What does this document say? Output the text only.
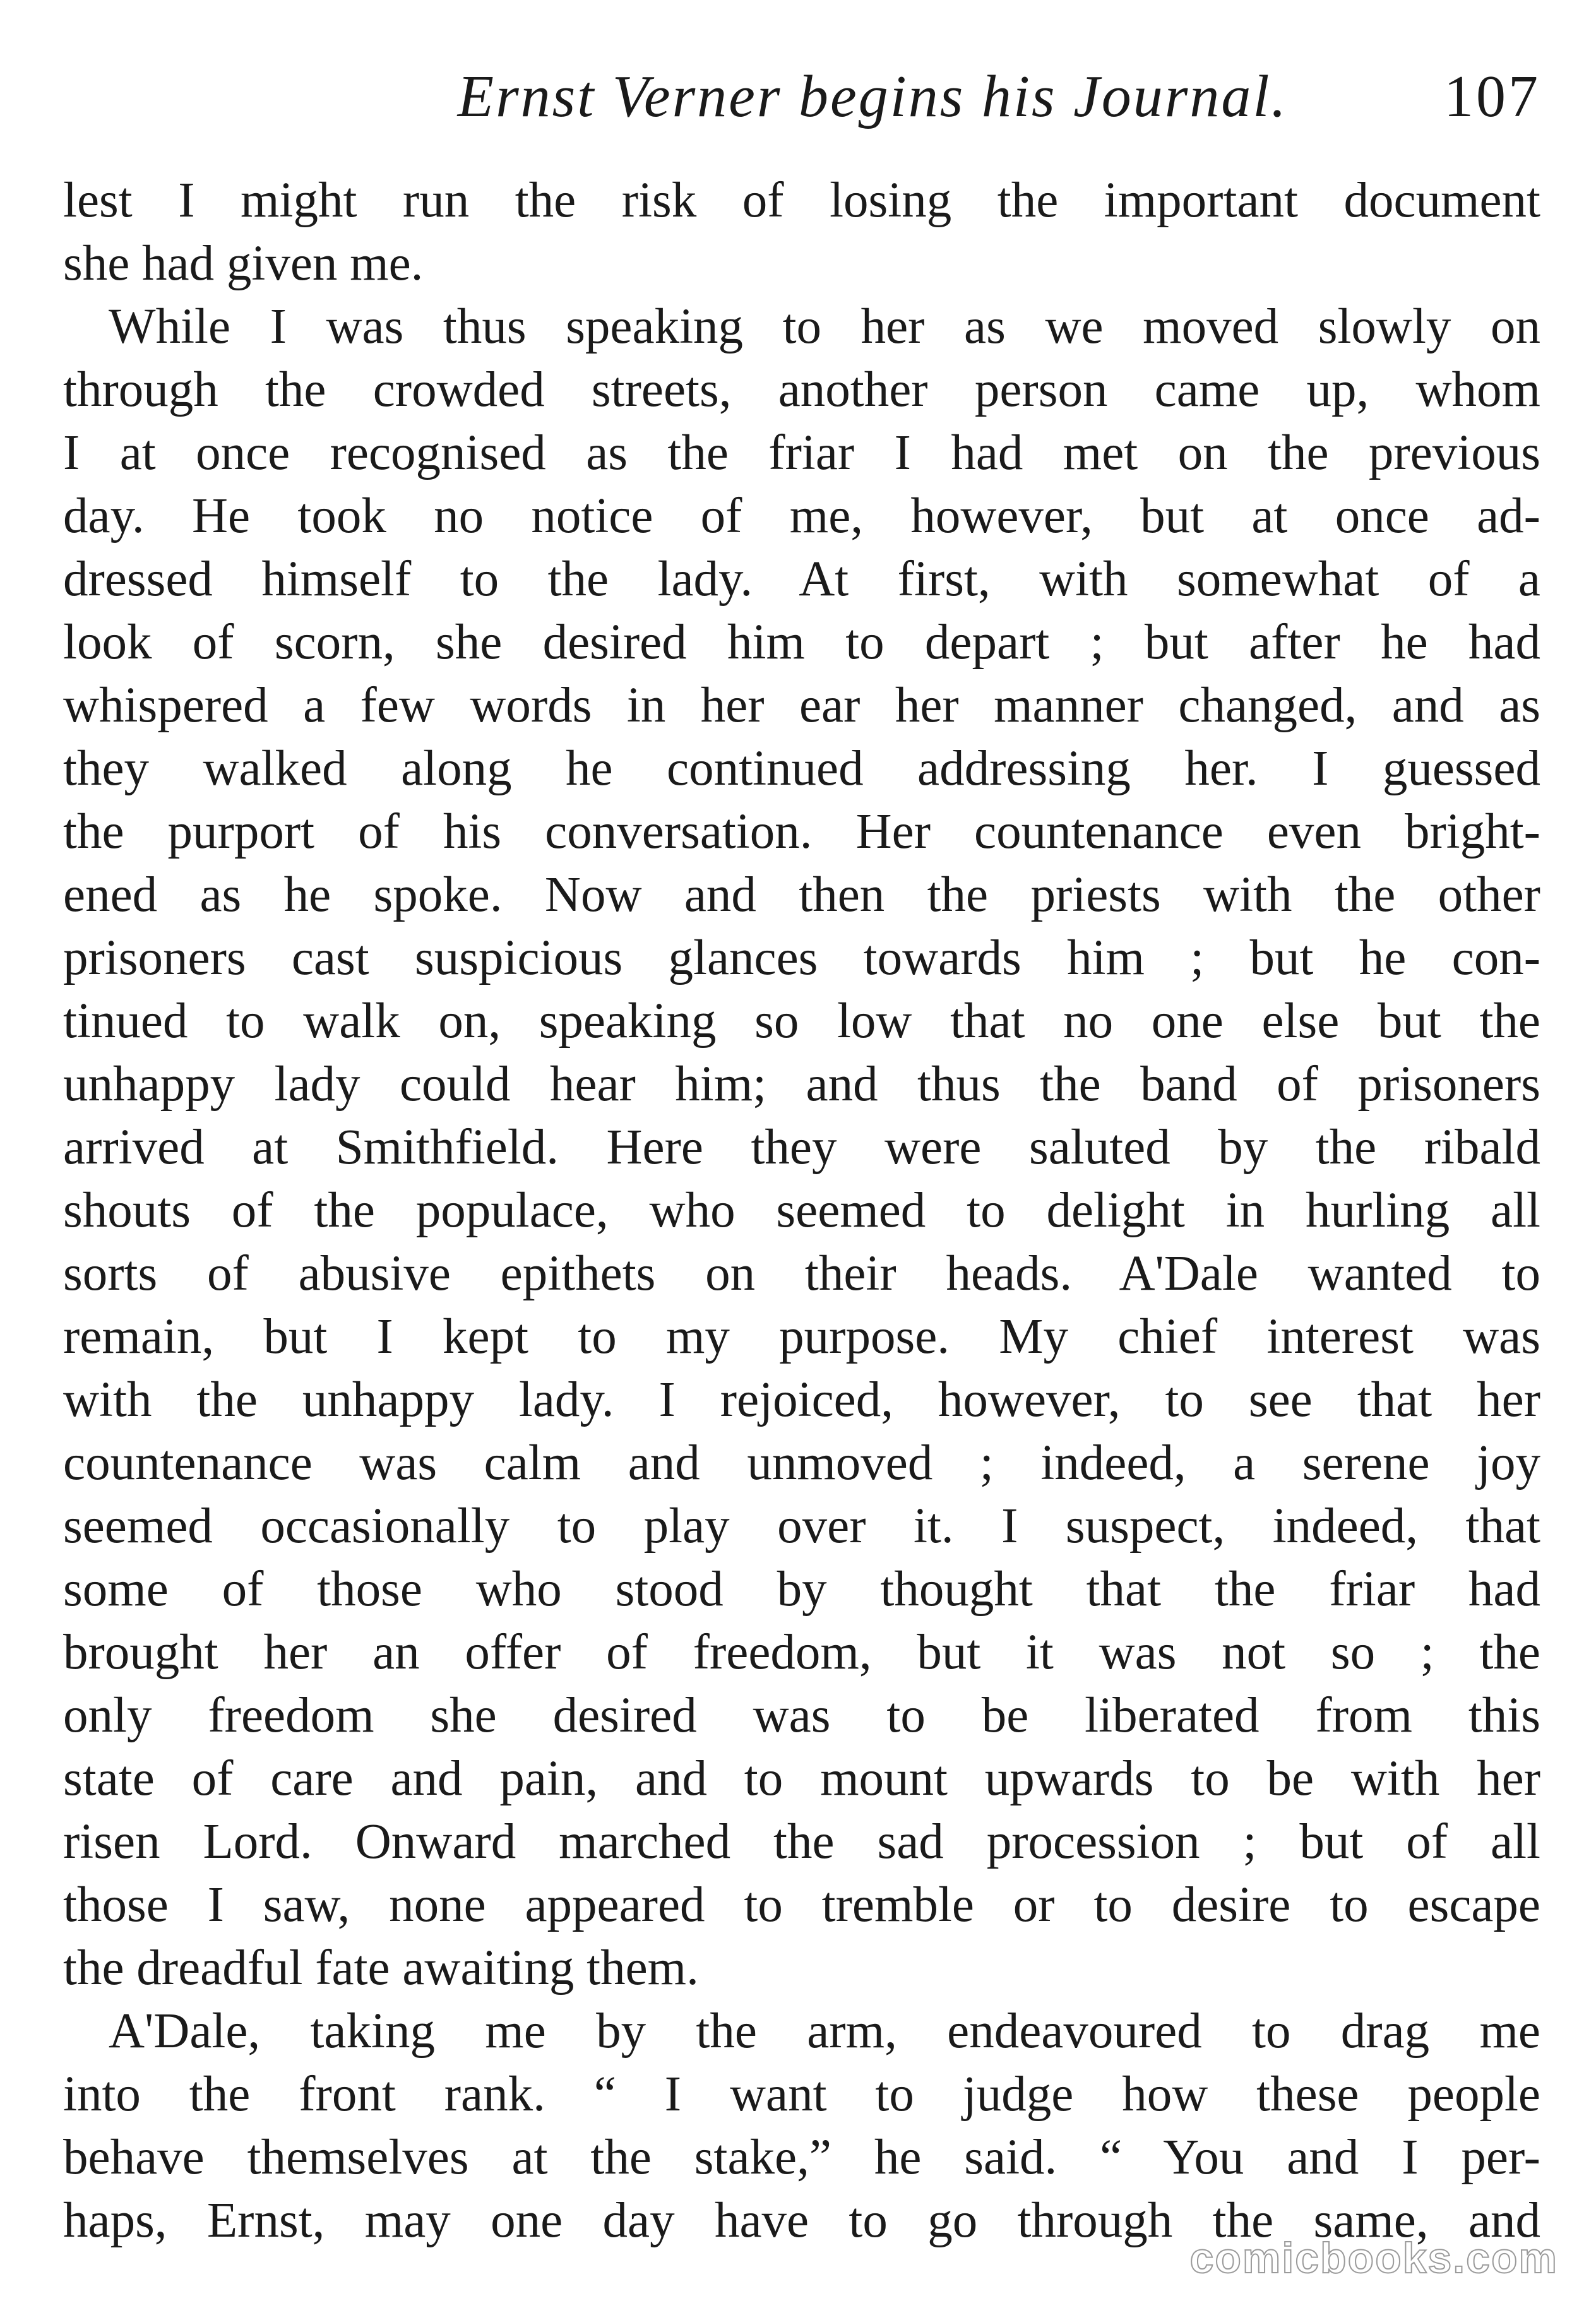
Ernst Verner begins his Journal.	107
lest I might run the risk of losing the important document
she had given me.
While I was thus speaking to her as we moved slowly on
through the crowded streets, another person came up, whom
I at once recognised as the friar I had met on the previous
day. He took no notice of me, however, but at once ad-
dressed himself to the lady. At first, with somewhat of a
look of scorn, she desired him to depart ; but after he had
whispered a few words in her ear her manner changed, and as
they walked along he continued addressing her. I guessed
the purport of his conversation. Her countenance even bright-
ened as he spoke. Now and then the priests with the other
prisoners cast suspicious glances towards him ; but he con-
tinued to walk on, speaking so low that no one else but the
unhappy lady could hear him; and thus the band of prisoners
arrived at Smithfield. Here they were saluted by the ribald
shouts of the populace, who seemed to delight in hurling all
sorts of abusive epithets on their heads. A'Dale wanted to
remain, but I kept to my purpose. My chief interest was
with the unhappy lady. I rejoiced, however, to see that her
countenance was calm and unmoved ; indeed, a serene joy
seemed occasionally to play over it. I suspect, indeed, that
some of those who stood by thought that the friar had
brought her an offer of freedom, but it was not so ; the
only freedom she desired was to be liberated from this
state of care and pain, and to mount upwards to be with her
risen Lord. Onward marched the sad procession ; but of all
those I saw, none appeared to tremble or to desire to escape
the dreadful fate awaiting them.
A'Dale, taking me by the arm, endeavoured to drag me
into the front rank. “ I want to judge how these people
behave themselves at the stake,” he said. “ You and I per-
haps, Ernst, may one day have to go through the same, and
comicbooks.com
